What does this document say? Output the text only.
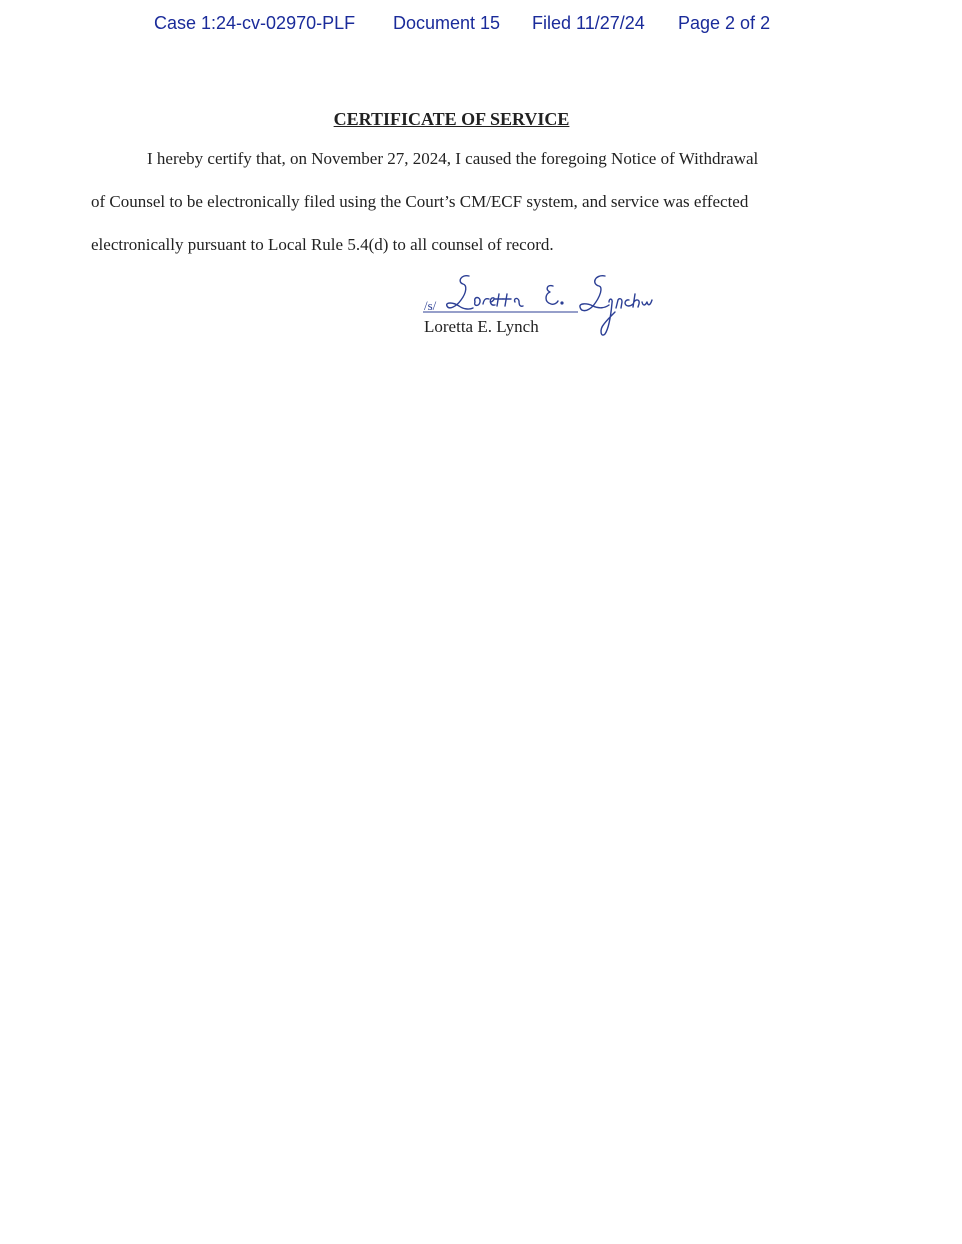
Case 1:24-cv-02970-PLF Document 15 Filed 11/27/24 Page 2 of 2
CERTIFICATE OF SERVICE
I hereby certify that, on November 27, 2024, I caused the foregoing Notice of Withdrawal
of Counsel to be electronically filed using the Court’s CM/ECF system, and service was effected
electronically pursuant to Local Rule 5.4(d) to all counsel of record.
/s/
Loretta E. Lynch
